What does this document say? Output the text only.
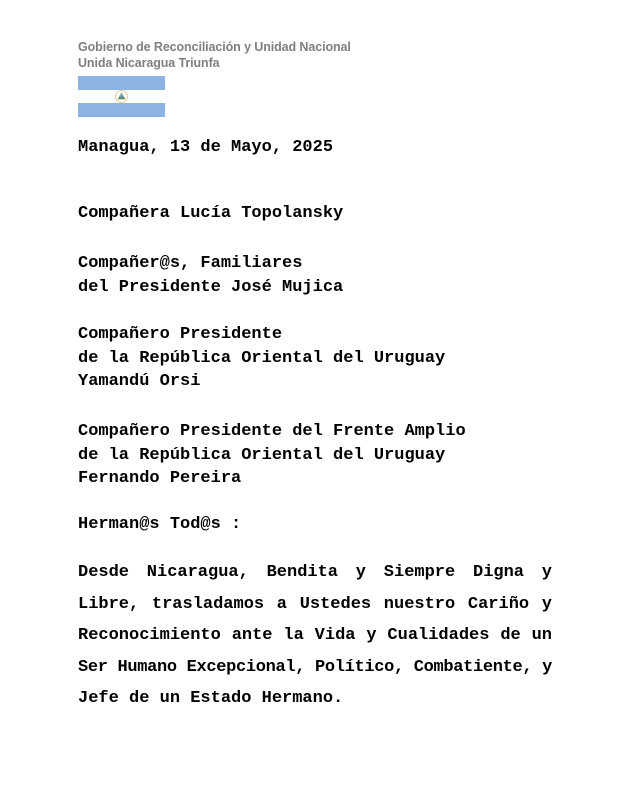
Gobierno de Reconciliación y Unidad Nacional
Unida Nicaragua Triunfa
Managua, 13 de Mayo, 2025
Compañera Lucía Topolansky
Compañer@s, Familiares
del Presidente José Mujica
Compañero Presidente
de la República Oriental del Uruguay
Yamandú Orsi
Compañero Presidente del Frente Amplio
de la República Oriental del Uruguay
Fernando Pereira
Herman@s Tod@s :
Desde Nicaragua, Bendita y Siempre Digna y
Libre, trasladamos a Ustedes nuestro Cariño y
Reconocimiento ante la Vida y Cualidades de un
Ser Humano Excepcional, Político, Combatiente, y
Jefe de un Estado Hermano.
